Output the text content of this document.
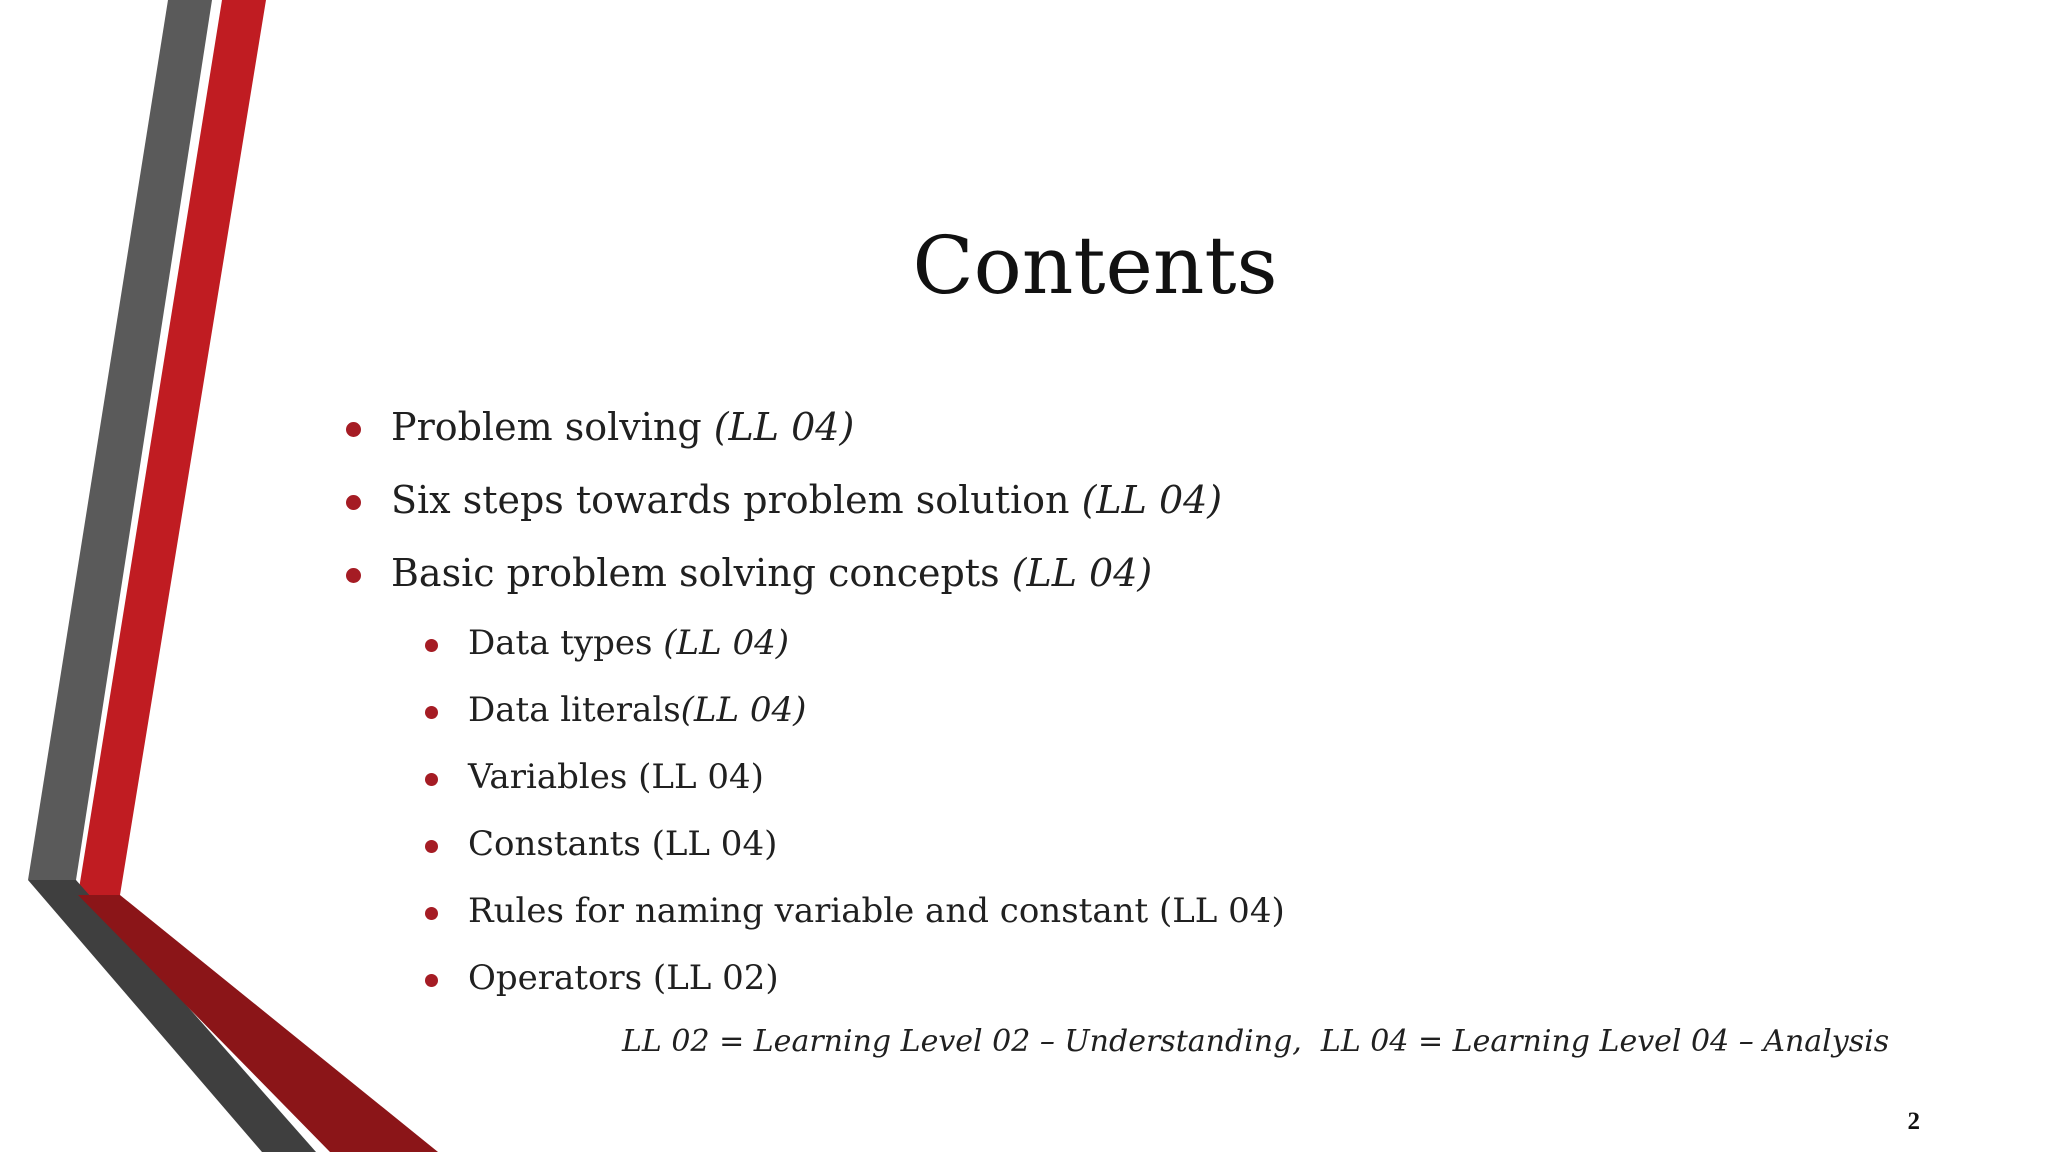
Contents
Problem solving (LL 04)
Six steps towards problem solution (LL 04)
Basic problem solving concepts (LL 04)
Data types (LL 04)
Data literals(LL 04)
Variables (LL 04)
Constants (LL 04)
Rules for naming variable and constant (LL 04)
Operators (LL 02)
LL 02 = Learning Level 02 – Understanding,  LL 04 = Learning Level 04 – Analysis
2
